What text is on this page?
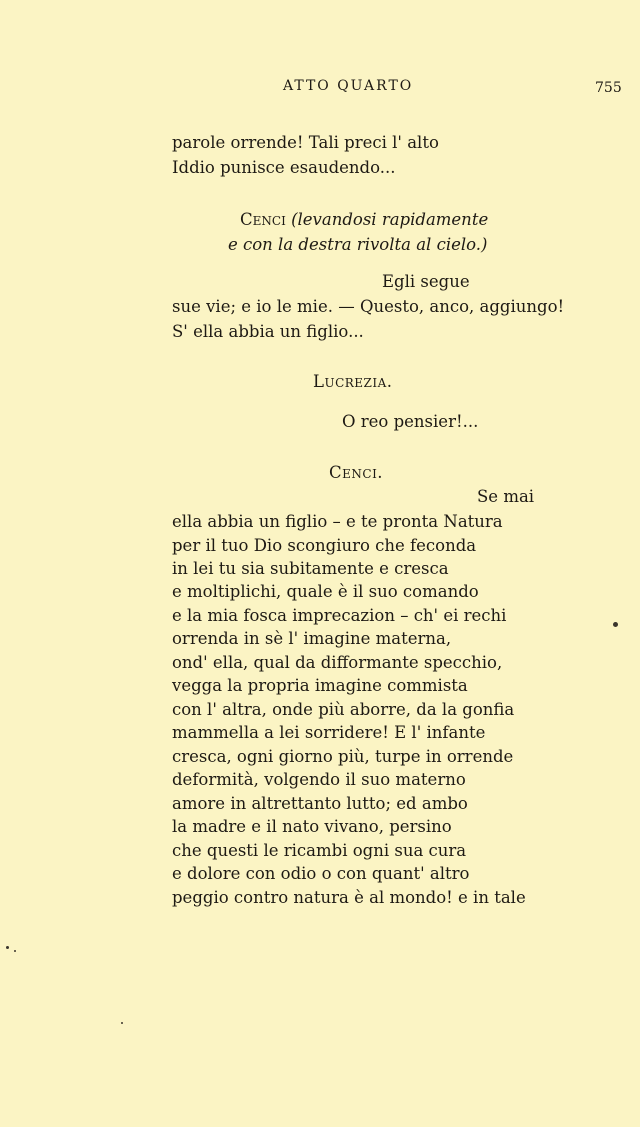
ATTO QUARTO	755
parole orrende! Tali preci l' alto
Iddio punisce esaudendo...
Cenci (levandosi rapidamente
e con la destra rivolta al cielo.)
Egli segue
sue vie; e io le mie. — Questo, anco, aggiungo!
S' ella abbia un figlio...
Lucrezia.
O reo pensier!...
Cenci.
Se mai
ella abbia un figlio – e te pronta Natura
per il tuo Dio scongiuro che feconda
in lei tu sia subitamente e cresca
e moltiplichi, quale è il suo comando
e la mia fosca imprecazion – ch' ei rechi
orrenda in sè l' imagine materna,
ond' ella, qual da difformante specchio,
vegga la propria imagine commista
con l' altra, onde più aborre, da la gonfia
mammella a lei sorridere! E l' infante
cresca, ogni giorno più, turpe in orrende
deformità, volgendo il suo materno
amore in altrettanto lutto; ed ambo
la madre e il nato vivano, persino
che questi le ricambi ogni sua cura
e dolore con odio o con quant' altro
peggio contro natura è al mondo! e in tale
